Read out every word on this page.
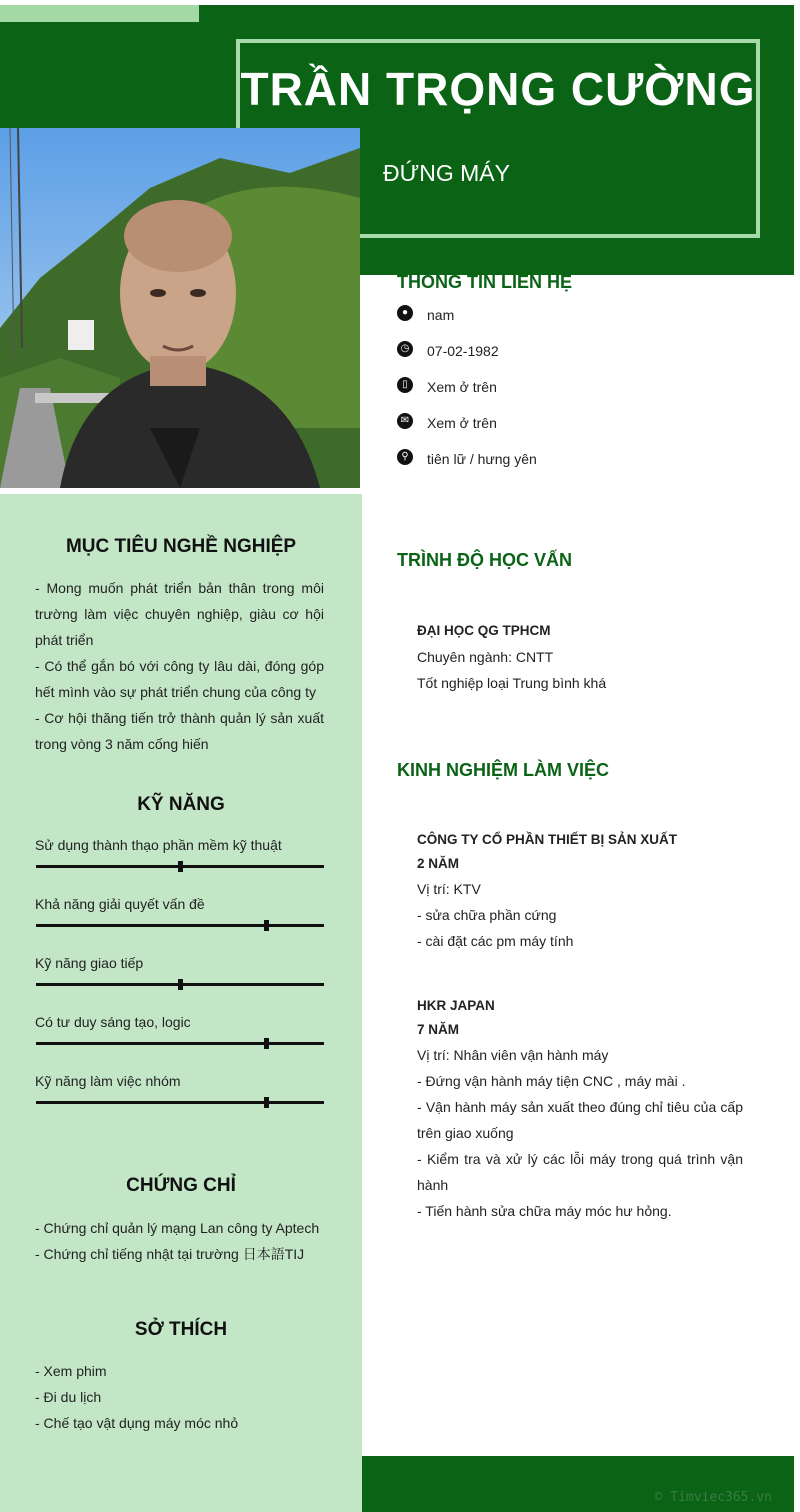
TRẦN TRỌNG CƯỜNG
ĐỨNG MÁY
MỤC TIÊU NGHỀ NGHIỆP
- Mong muốn phát triển bản thân trong môi trường làm việc chuyên nghiệp, giàu cơ hội phát triển
- Có thể gắn bó với công ty lâu dài, đóng góp hết mình vào sự phát triển chung của công ty
- Cơ hội thăng tiến trở thành quản lý sản xuất trong vòng 3 năm cống hiến
KỸ NĂNG
Sử dụng thành thạo phần mềm kỹ thuật
Khả năng giải quyết vấn đề
Kỹ năng giao tiếp
Có tư duy sáng tạo, logic
Kỹ năng làm việc nhóm
CHỨNG CHỈ
- Chứng chỉ quản lý mạng Lan công ty Aptech
- Chứng chỉ tiếng nhật tại trường 日本語TIJ
SỞ THÍCH
- Xem phim
- Đi du lịch
- Chế tạo vật dụng máy móc nhỏ
THÔNG TIN LIÊN HỆ
●	nam
◷ 07-02-1982
▯	Xem ở trên
✉ Xem ở trên
⚲	tiên lữ / hưng yên
TRÌNH ĐỘ HỌC VẤN
ĐẠI HỌC QG TPHCM
Chuyên ngành: CNTT
Tốt nghiệp loại Trung bình khá
KINH NGHIỆM LÀM VIỆC
CÔNG TY CỔ PHẦN THIẾT BỊ SẢN XUẤT
2 NĂM
Vị trí: KTV
- sửa chữa phần cứng
- cài đặt các pm máy tính
HKR JAPAN
7 NĂM
Vị trí: Nhân viên vận hành máy
- Đứng vận hành máy tiện CNC , máy mài .
- Vận hành máy sản xuất theo đúng chỉ tiêu của cấp trên giao xuống
- Kiểm tra và xử lý các lỗi máy trong quá trình vận hành
- Tiến hành sửa chữa máy móc hư hỏng.
© Timviec365.vn
